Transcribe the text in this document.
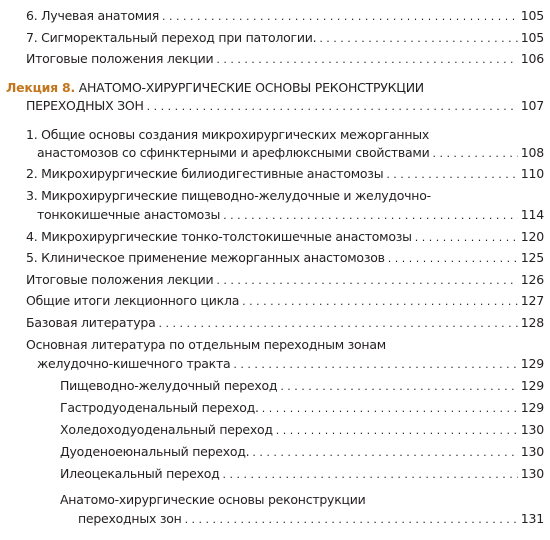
6. Лучевая анатомия . . .	105
7. Сигморектальный переход при патологии. . . .	105
Итоговые положения лекции . . .	106
Лекция 8. АНАТОМО-ХИРУРГИЧЕСКИЕ ОСНОВЫ РЕКОНСТРУКЦИИ
ПЕРЕХОДНЫХ ЗОН . . .	107
1. Общие основы создания микрохирургических межорганных
анастомозов со сфинктерными и арефлюксными свойствами . . .	108
2. Микрохирургические билиодигестивные анастомозы . . .	110
3. Микрохирургические пищеводно-желудочные и желудочно-
тонкокишечные анастомозы . . .	114
4. Микрохирургические тонко-толстокишечные анастомозы . . .	120
5. Клиническое применение межорганных анастомозов . . .	125
Итоговые положения лекции . . .	126
Общие итоги лекционного цикла . . .	127
Базовая литература . . .	128
Основная литература по отдельным переходным зонам
желудочно-кишечного тракта . . .	129
Пищеводно-желудочный переход . . .	129
Гастродуоденальный переход. . . .	129
Холедоходуоденальный переход . . .	130
Дуоденоеюнальный переход. . . .	130
Илеоцекальный переход . . .	130
Анатомо-хирургические основы реконструкции
переходных зон . . .	131
